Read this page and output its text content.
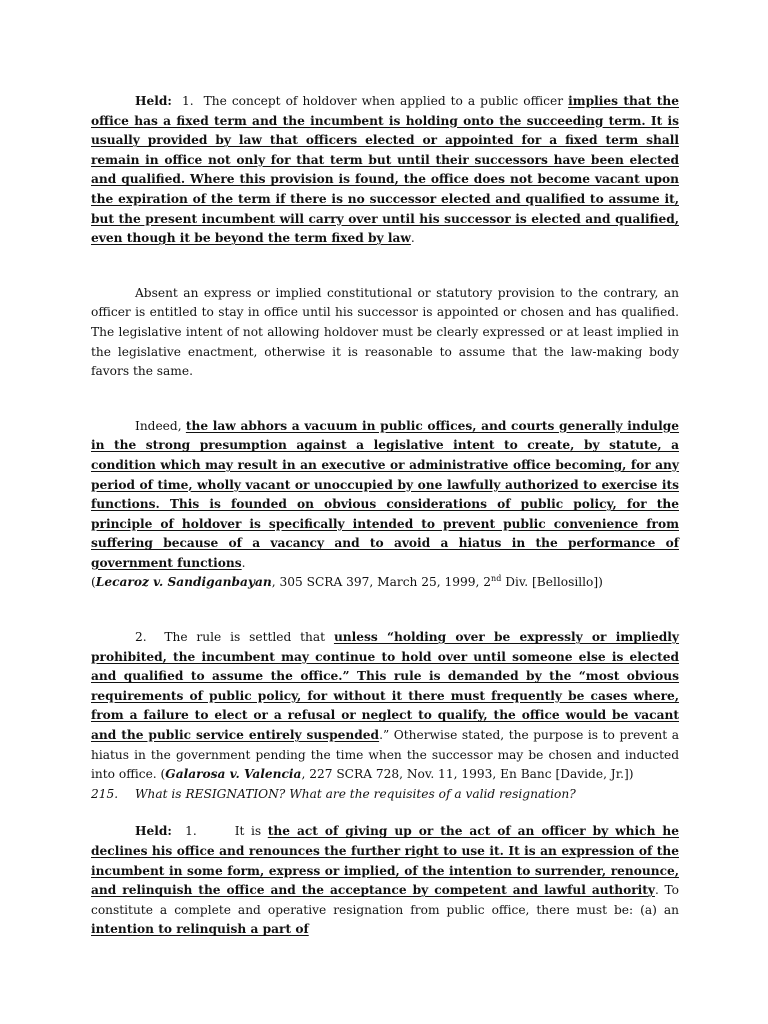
Held: 1. The concept of holdover when applied to a public officer implies that the office has a fixed term and the incumbent is holding onto the succeeding term. It is usually provided by law that officers elected or appointed for a fixed term shall remain in office not only for that term but until their successors have been elected and qualified. Where this provision is found, the office does not become vacant upon the expiration of the term if there is no successor elected and qualified to assume it, but the present incumbent will carry over until his successor is elected and qualified, even though it be beyond the term fixed by law.

Absent an express or implied constitutional or statutory provision to the contrary, an officer is entitled to stay in office until his successor is appointed or chosen and has qualified. The legislative intent of not allowing holdover must be clearly expressed or at least implied in the legislative enactment, otherwise it is reasonable to assume that the law-making body favors the same.

Indeed, the law abhors a vacuum in public offices, and courts generally indulge in the strong presumption against a legislative intent to create, by statute, a condition which may result in an executive or administrative office becoming, for any period of time, wholly vacant or unoccupied by one lawfully authorized to exercise its functions. This is founded on obvious considerations of public policy, for the principle of holdover is specifically intended to prevent public convenience from suffering because of a vacancy and to avoid a hiatus in the performance of government functions.
(Lecaroz v. Sandiganbayan, 305 SCRA 397, March 25, 1999, 2nd Div. [Bellosillo])

2. The rule is settled that unless “holding over be expressly or impliedly prohibited, the incumbent may continue to hold over until someone else is elected and qualified to assume the office.” This rule is demanded by the “most obvious requirements of public policy, for without it there must frequently be cases where, from a failure to elect or a refusal or neglect to qualify, the office would be vacant and the public service entirely suspended.” Otherwise stated, the purpose is to prevent a hiatus in the government pending the time when the successor may be chosen and inducted into office. (Galarosa v. Valencia, 227 SCRA 728, Nov. 11, 1993, En Banc [Davide, Jr.])

215. What is RESIGNATION? What are the requisites of a valid resignation?

Held: 1.	It is the act of giving up or the act of an officer by which he declines his office and renounces the further right to use it. It is an expression of the incumbent in some form, express or implied, of the intention to surrender, renounce, and relinquish the office and the acceptance by competent and lawful authority. To constitute a complete and operative resignation from public office, there must be: (a) an intention to relinquish a part of
